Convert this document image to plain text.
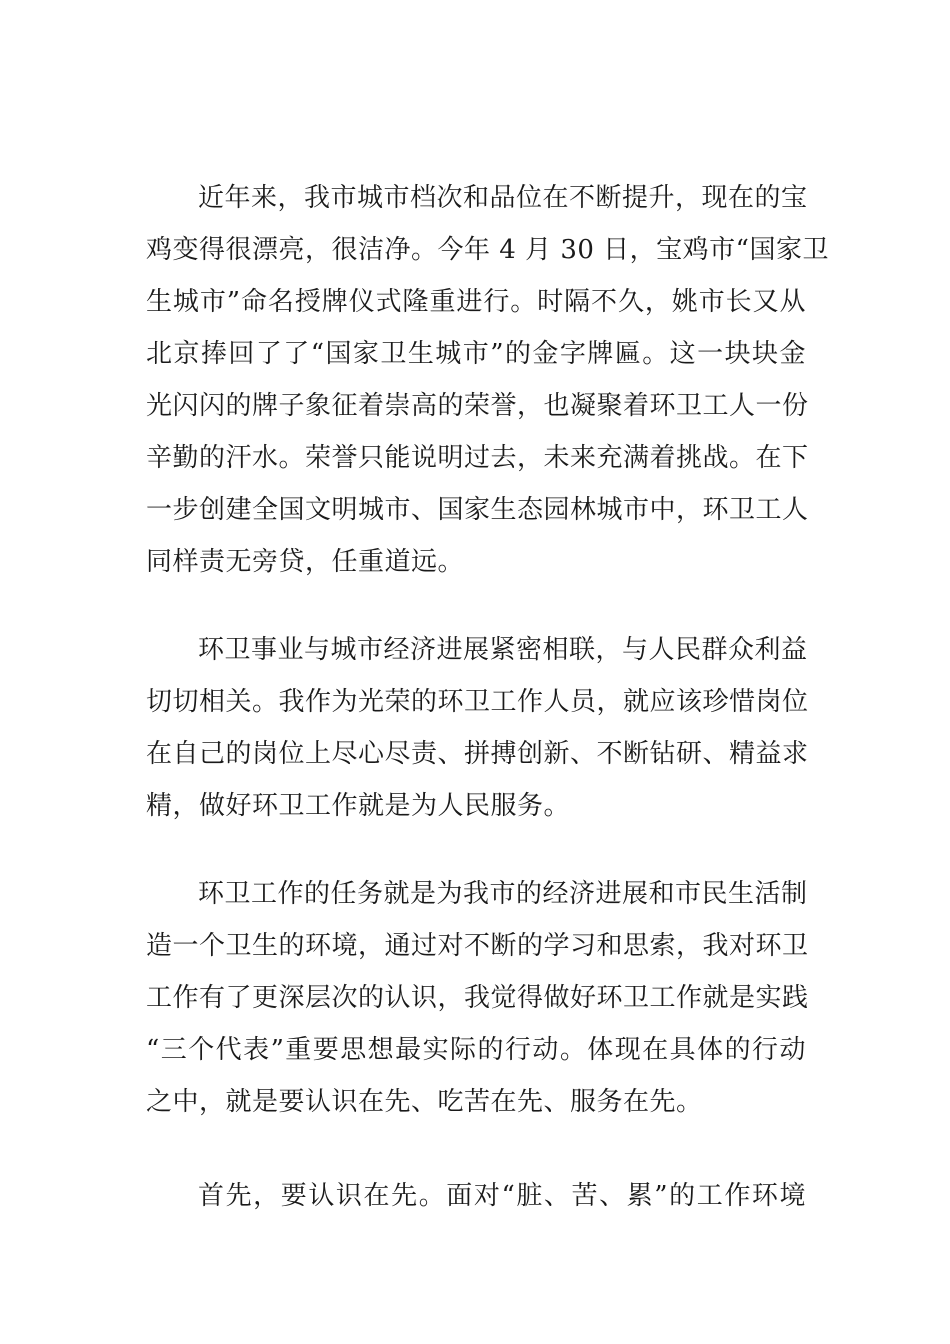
近年来，我市城市档次和品位在不断提升，现在的宝

鸡变得很漂亮，很洁净。今年 4 月 30 日，宝鸡市“国家卫

生城市”命名授牌仪式隆重进行。时隔不久，姚市长又从

北京捧回了了“国家卫生城市”的金字牌匾。这一块块金

光闪闪的牌子象征着崇高的荣誉，也凝聚着环卫工人一份

辛勤的汗水。荣誉只能说明过去，未来充满着挑战。在下

一步创建全国文明城市、国家生态园林城市中，环卫工人

同样责无旁贷，任重道远。

环卫事业与城市经济进展紧密相联，与人民群众利益

切切相关。我作为光荣的环卫工作人员，就应该珍惜岗位

在自己的岗位上尽心尽责、拼搏创新、不断钻研、精益求

精，做好环卫工作就是为人民服务。

环卫工作的任务就是为我市的经济进展和市民生活制

造一个卫生的环境，通过对不断的学习和思索，我对环卫

工作有了更深层次的认识，我觉得做好环卫工作就是实践

“三个代表”重要思想最实际的行动。体现在具体的行动

之中，就是要认识在先、吃苦在先、服务在先。

首先，要认识在先。面对“脏、苦、累”的工作环境
